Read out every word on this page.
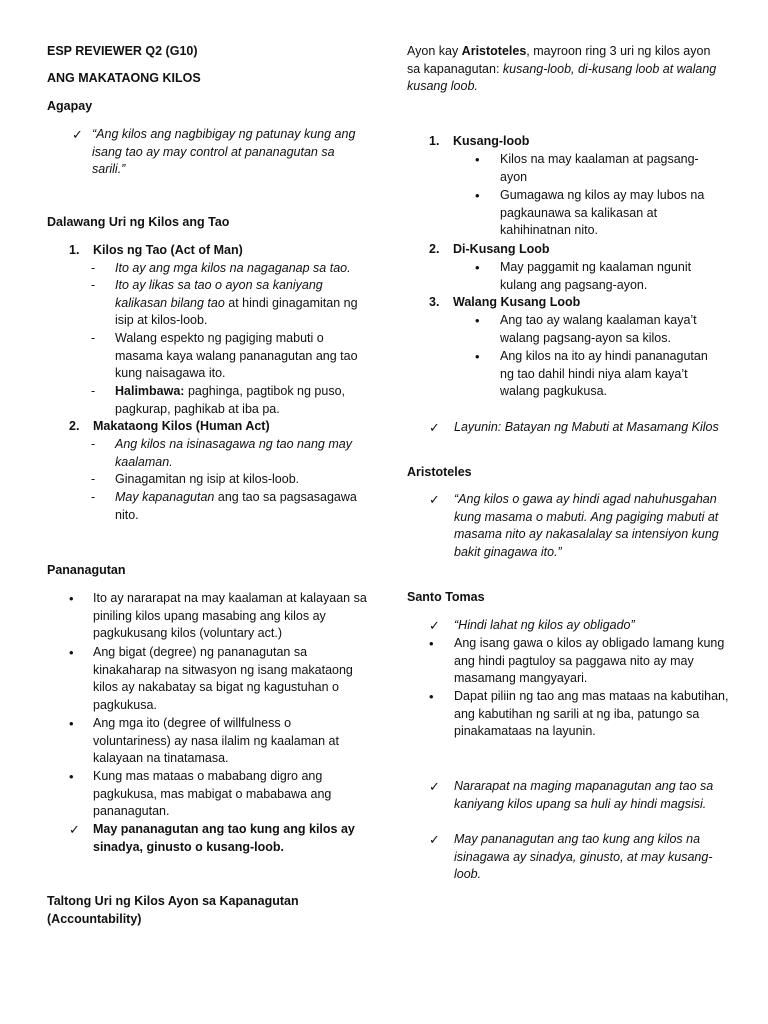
ESP REVIEWER Q2 (G10)
ANG MAKATAONG KILOS
Agapay
✓ “Ang kilos ang nagbibigay ng patunay kung ang isang tao ay may control at pananagutan sa sarili.”
Dalawang Uri ng Kilos ang Tao
1.	Kilos ng Tao (Act of Man)
-	Ito ay ang mga kilos na nagaganap sa tao.
-	Ito ay likas sa tao o ayon sa kaniyang kalikasan bilang tao at hindi ginagamitan ng isip at kilos-loob.
-	Walang espekto ng pagiging mabuti o masama kaya walang pananagutan ang tao kung naisagawa ito.
-	Halimbawa: paghinga, pagtibok ng puso, pagkurap, paghikab at iba pa.
2.	Makataong Kilos (Human Act)
-	Ang kilos na isinasagawa ng tao nang may kaalaman.
-	Ginagamitan ng isip at kilos-loob.
-	May kapanagutan ang tao sa pagsasagawa nito.
Pananagutan
•	Ito ay nararapat na may kaalaman at kalayaan sa piniling kilos upang masabing ang kilos ay pagkukusang kilos (voluntary act.)
•	Ang bigat (degree) ng pananagutan sa kinakaharap na sitwasyon ng isang makataong kilos ay nakabatay sa bigat ng kagustuhan o pagkukusa.
•	Ang mga ito (degree of willfulness o voluntariness) ay nasa ilalim ng kaalaman at kalayaan na tinatamasa.
•	Kung mas mataas o mababang digro ang pagkukusa, mas mabigat o mababawa ang pananagutan.
✓	May pananagutan ang tao kung ang kilos ay sinadya, ginusto o kusang-loob.
Taltong Uri ng Kilos Ayon sa Kapanagutan (Accountability)
Ayon kay Aristoteles, mayroon ring 3 uri ng kilos ayon sa kapanagutan: kusang-loob, di-kusang loob at walang kusang loob.
1.	Kusang-loob
•	Kilos na may kaalaman at pagsang-ayon
•	Gumagawa ng kilos ay may lubos na pagkaunawa sa kalikasan at kahihinatnan nito.
2.	Di-Kusang Loob
•	May paggamit ng kaalaman ngunit kulang ang pagsang-ayon.
3.	Walang Kusang Loob
•	Ang tao ay walang kaalaman kaya’t walang pagsang-ayon sa kilos.
•	Ang kilos na ito ay hindi pananagutan ng tao dahil hindi niya alam kaya’t walang pagkukusa.
✓	Layunin: Batayan ng Mabuti at Masamang Kilos
Aristoteles
✓	“Ang kilos o gawa ay hindi agad nahuhusgahan kung masama o mabuti. Ang pagiging mabuti at masama nito ay nakasalalay sa intensiyon kung bakit ginagawa ito.”
Santo Tomas
✓	“Hindi lahat ng kilos ay obligado”
•	Ang isang gawa o kilos ay obligado lamang kung ang hindi pagtuloy sa paggawa nito ay may masamang mangyayari.
•	Dapat piliin ng tao ang mas mataas na kabutihan, ang kabutihan ng sarili at ng iba, patungo sa pinakamataas na layunin.
✓	Nararapat na maging mapanagutan ang tao sa kaniyang kilos upang sa huli ay hindi magsisi.
✓	May pananagutan ang tao kung ang kilos na isinagawa ay sinadya, ginusto, at may kusang-loob.
